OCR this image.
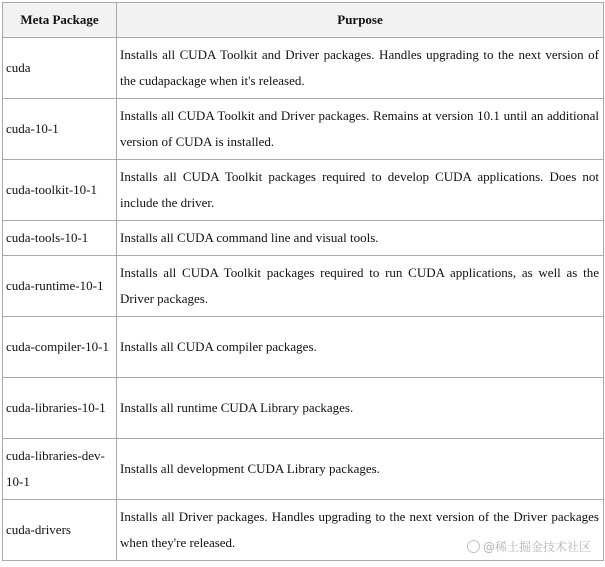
Meta Package	Purpose
cuda	Installs all CUDA Toolkit and Driver packages. Handles upgrading to the next version of the cudapackage when it's released.
cuda-10-1	Installs all CUDA Toolkit and Driver packages. Remains at version 10.1 until an additional version of CUDA is installed.
cuda-toolkit-10-1	Installs all CUDA Toolkit packages required to develop CUDA applications. Does not include the driver.
cuda-tools-10-1	Installs all CUDA command line and visual tools.
cuda-runtime-10-1	Installs all CUDA Toolkit packages required to run CUDA applications, as well as the Driver packages.
cuda-compiler-10-1	Installs all CUDA compiler packages.
cuda-libraries-10-1	Installs all runtime CUDA Library packages.
cuda-libraries-dev-10-1	Installs all development CUDA Library packages.
cuda-drivers	Installs all Driver packages. Handles upgrading to the next version of the Driver packages when they're released.	@稀土掘金技术社区
